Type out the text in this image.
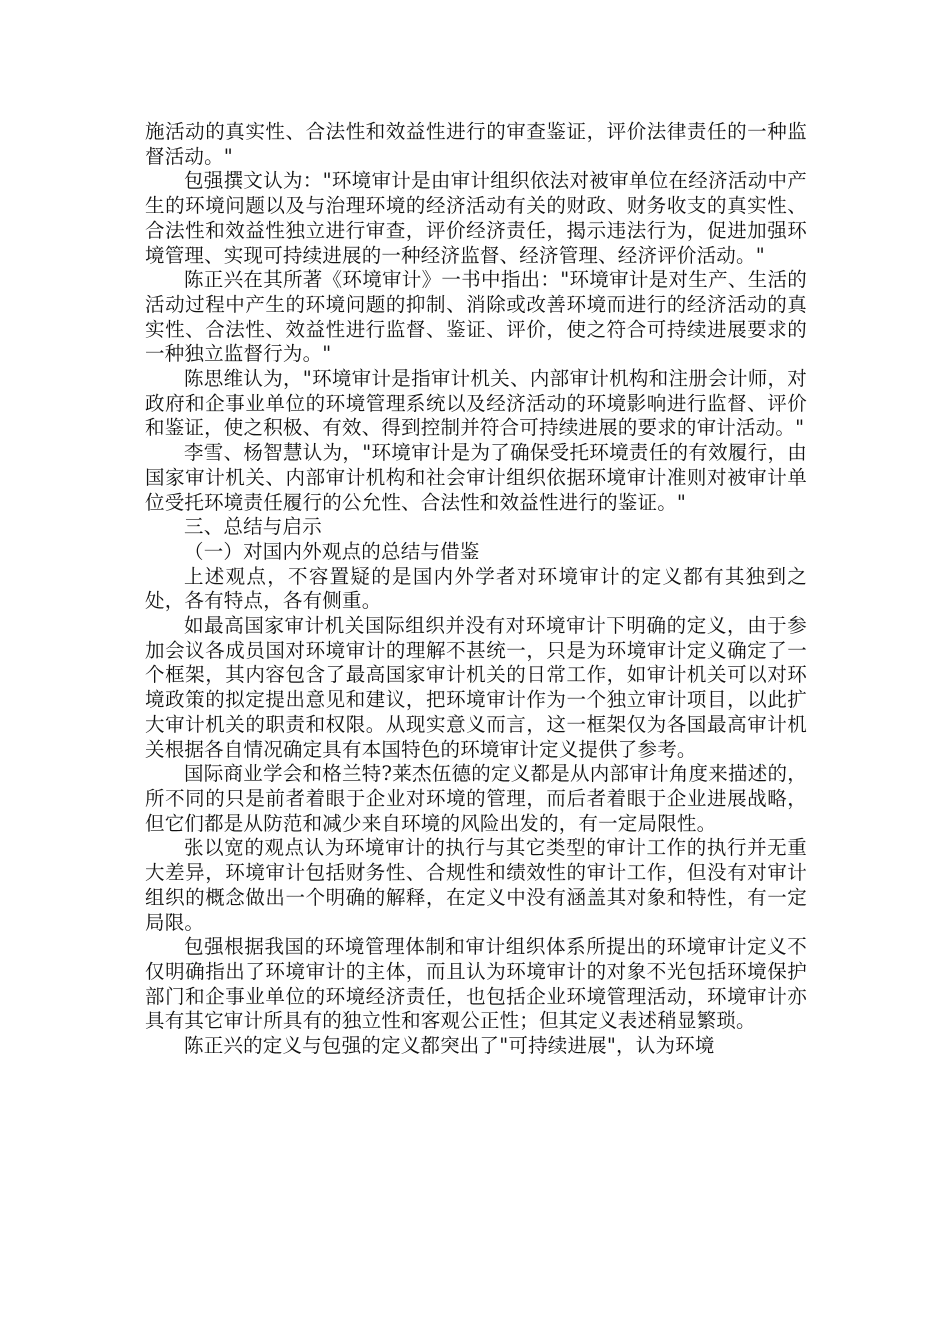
施活动的真实性、合法性和效益性进行的审查鉴证，评价法律责任的一种监督活动。"

包强撰文认为："环境审计是由审计组织依法对被审单位在经济活动中产生的环境问题以及与治理环境的经济活动有关的财政、财务收支的真实性、合法性和效益性独立进行审查，评价经济责任，揭示违法行为，促进加强环境管理、实现可持续进展的一种经济监督、经济管理、经济评价活动。"

陈正兴在其所著《环境审计》一书中指出："环境审计是对生产、生活的活动过程中产生的环境问题的抑制、消除或改善环境而进行的经济活动的真实性、合法性、效益性进行监督、鉴证、评价，使之符合可持续进展要求的一种独立监督行为。"

陈思维认为，"环境审计是指审计机关、内部审计机构和注册会计师，对政府和企事业单位的环境管理系统以及经济活动的环境影响进行监督、评价和鉴证，使之积极、有效、得到控制并符合可持续进展的要求的审计活动。"

李雪、杨智慧认为，"环境审计是为了确保受托环境责任的有效履行，由国家审计机关、内部审计机构和社会审计组织依据环境审计准则对被审计单位受托环境责任履行的公允性、合法性和效益性进行的鉴证。"

三、总结与启示

（一）对国内外观点的总结与借鉴

上述观点，不容置疑的是国内外学者对环境审计的定义都有其独到之处，各有特点，各有侧重。

如最高国家审计机关国际组织并没有对环境审计下明确的定义，由于参加会议各成员国对环境审计的理解不甚统一，只是为环境审计定义确定了一个框架，其内容包含了最高国家审计机关的日常工作，如审计机关可以对环境政策的拟定提出意见和建议，把环境审计作为一个独立审计项目，以此扩大审计机关的职责和权限。从现实意义而言，这一框架仅为各国最高审计机关根据各自情况确定具有本国特色的环境审计定义提供了参考。

国际商业学会和格兰特?莱杰伍德的定义都是从内部审计角度来描述的，所不同的只是前者着眼于企业对环境的管理，而后者着眼于企业进展战略，但它们都是从防范和减少来自环境的风险出发的，有一定局限性。

张以宽的观点认为环境审计的执行与其它类型的审计工作的执行并无重大差异，环境审计包括财务性、合规性和绩效性的审计工作，但没有对审计组织的概念做出一个明确的解释，在定义中没有涵盖其对象和特性，有一定局限。

包强根据我国的环境管理体制和审计组织体系所提出的环境审计定义不仅明确指出了环境审计的主体，而且认为环境审计的对象不光包括环境保护部门和企事业单位的环境经济责任，也包括企业环境管理活动，环境审计亦具有其它审计所具有的独立性和客观公正性；但其定义表述稍显繁琐。

陈正兴的定义与包强的定义都突出了"可持续进展"，认为环境
